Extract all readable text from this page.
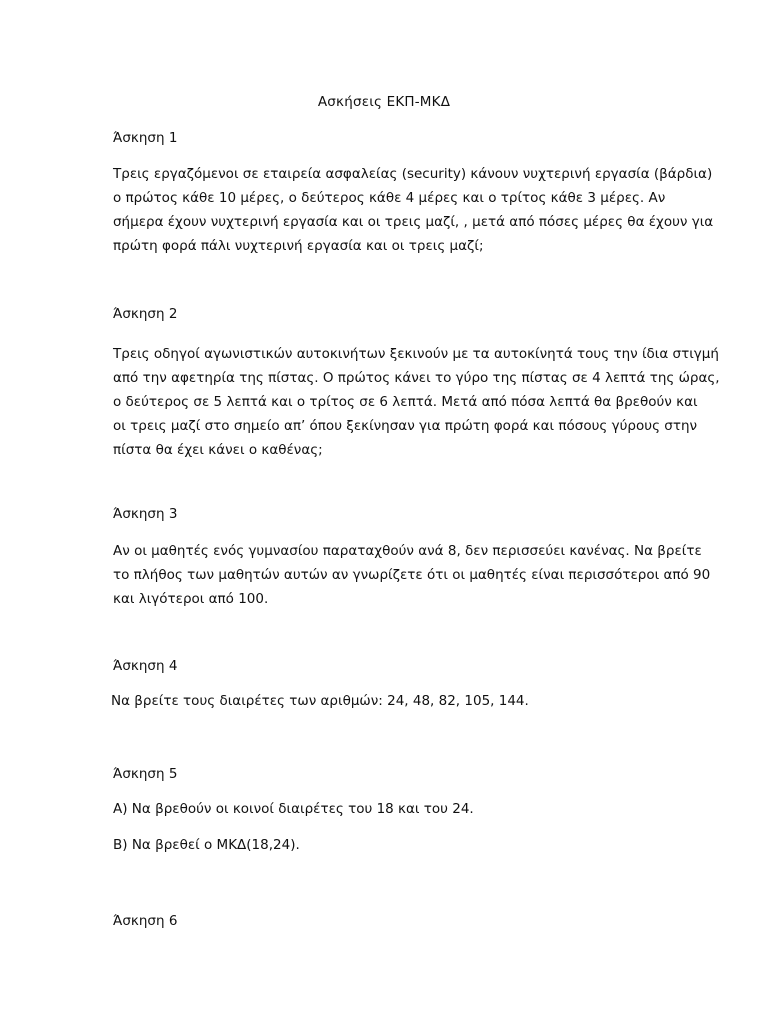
Ασκήσεις ΕΚΠ-ΜΚΔ
Άσκηση 1
Τρεις εργαζόμενοι σε εταιρεία ασφαλείας (security) κάνουν νυχτερινή εργασία (βάρδια)
ο πρώτος κάθε 10 μέρες, ο δεύτερος κάθε 4 μέρες και ο τρίτος κάθε 3 μέρες. Αν
σήμερα έχουν νυχτερινή εργασία και οι τρεις μαζί, , μετά από πόσες μέρες θα έχουν για
πρώτη φορά πάλι νυχτερινή εργασία και οι τρεις μαζί;
Άσκηση 2
Τρεις οδηγοί αγωνιστικών αυτοκινήτων ξεκινούν με τα αυτοκίνητά τους την ίδια στιγμή
από την αφετηρία της πίστας. Ο πρώτος κάνει το γύρο της πίστας σε 4 λεπτά της ώρας,
ο δεύτερος σε 5 λεπτά και ο τρίτος σε 6 λεπτά. Μετά από πόσα λεπτά θα βρεθούν και
οι τρεις μαζί στο σημείο απ’ όπου ξεκίνησαν για πρώτη φορά και πόσους γύρους στην
πίστα θα έχει κάνει ο καθένας;
Άσκηση 3
Αν οι μαθητές ενός γυμνασίου παραταχθούν ανά 8, δεν περισσεύει κανένας. Να βρείτε
το πλήθος των μαθητών αυτών αν γνωρίζετε ότι οι μαθητές είναι περισσότεροι από 90
και λιγότεροι από 100.
Άσκηση 4
Να βρείτε τους διαιρέτες των αριθμών: 24, 48, 82, 105, 144.
Άσκηση 5
Α) Να βρεθούν οι κοινοί διαιρέτες του 18 και του 24.
Β) Να βρεθεί ο ΜΚΔ(18,24).
Άσκηση 6
